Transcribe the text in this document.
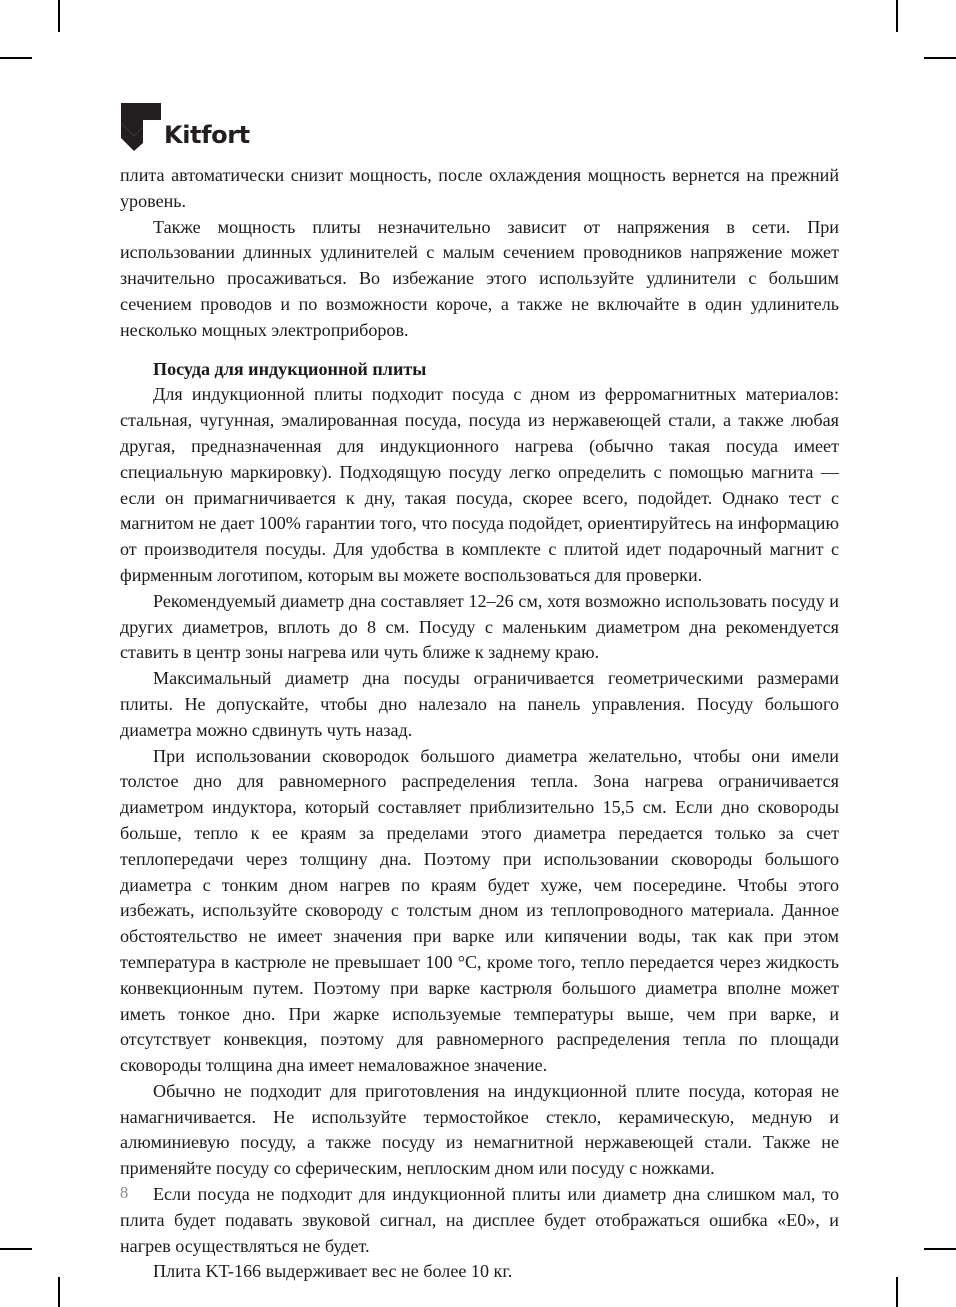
Kitfort

плита автоматически снизит мощность, после охлаждения мощность вернется на прежний уровень.

Также мощность плиты незначительно зависит от напряжения в сети. При использовании длинных удлинителей с малым сечением проводников напряжение может значительно просаживаться. Во избежание этого используйте удлинители с большим сечением проводов и по возможности короче, а также не включайте в один удлинитель несколько мощных электроприборов.

Посуда для индукционной плиты

Для индукционной плиты подходит посуда с дном из ферромагнитных материалов: стальная, чугунная, эмалированная посуда, посуда из нержавеющей стали, а также любая другая, предназначенная для индукционного нагрева (обычно такая посуда имеет специальную маркировку). Подходящую посуду легко определить с помощью магнита — если он примагничивается к дну, такая посуда, скорее всего, подойдет. Однако тест с магнитом не дает 100% гарантии того, что посуда подойдет, ориентируйтесь на информацию от производителя посуды. Для удобства в комплекте с плитой идет подарочный магнит с фирменным логотипом, которым вы можете воспользоваться для проверки.

Рекомендуемый диаметр дна составляет 12–26 см, хотя возможно использовать посуду и других диаметров, вплоть до 8 см. Посуду с маленьким диаметром дна рекомендуется ставить в центр зоны нагрева или чуть ближе к заднему краю.

Максимальный диаметр дна посуды ограничивается геометрическими размерами плиты. Не допускайте, чтобы дно налезало на панель управления. Посуду большого диаметра можно сдвинуть чуть назад.

При использовании сковородок большого диаметра желательно, чтобы они имели толстое дно для равномерного распределения тепла. Зона нагрева ограничивается диаметром индуктора, который составляет приблизительно 15,5 см. Если дно сковороды больше, тепло к ее краям за пределами этого диаметра передается только за счет теплопередачи через толщину дна. Поэтому при использовании сковороды большого диаметра с тонким дном нагрев по краям будет хуже, чем посередине. Чтобы этого избежать, используйте сковороду с толстым дном из теплопроводного материала. Данное обстоятельство не имеет значения при варке или кипячении воды, так как при этом температура в кастрюле не превышает 100 °C, кроме того, тепло передается через жидкость конвекционным путем. Поэтому при варке кастрюля большого диаметра вполне может иметь тонкое дно. При жарке используемые температуры выше, чем при варке, и отсутствует конвекция, поэтому для равномерного распределения тепла по площади сковороды толщина дна имеет немаловажное значение.

Обычно не подходит для приготовления на индукционной плите посуда, которая не намагничивается. Не используйте термостойкое стекло, керамическую, медную и алюминиевую посуду, а также посуду из немагнитной нержавеющей стали. Также не применяйте посуду со сферическим, неплоским дном или посуду с ножками.

Если посуда не подходит для индукционной плиты или диаметр дна слишком мал, то плита будет подавать звуковой сигнал, на дисплее будет отображаться ошибка «E0», и нагрев осуществляться не будет.

Плита KT-166 выдерживает вес не более 10 кг.

8
